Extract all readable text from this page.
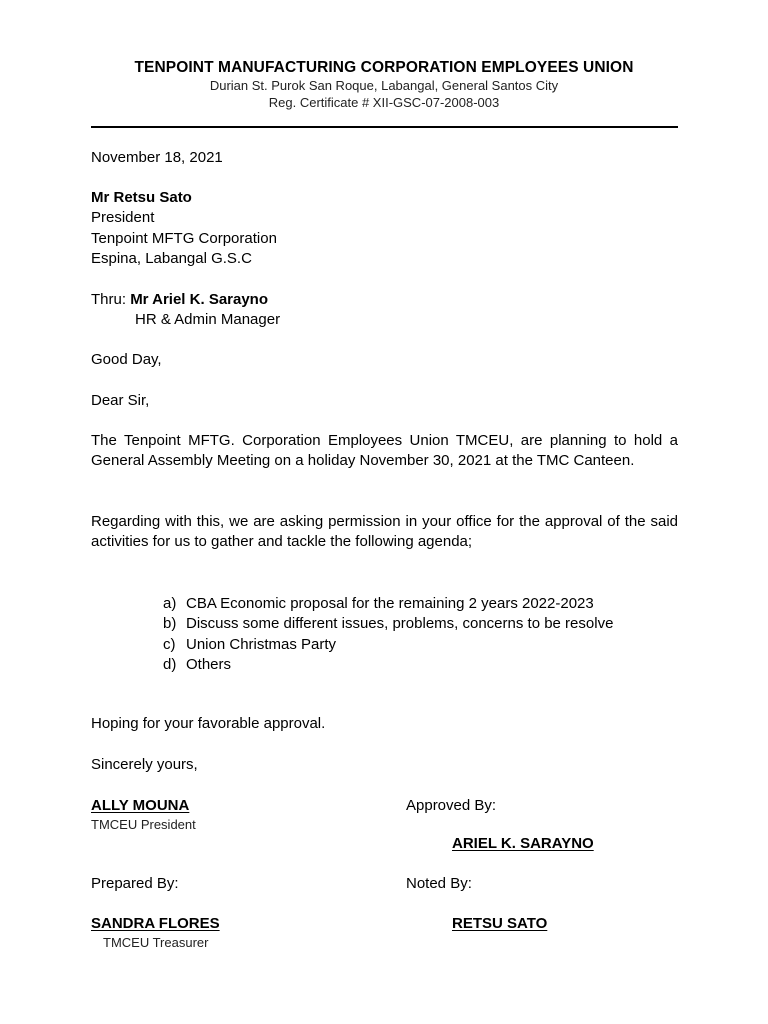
TENPOINT MANUFACTURING CORPORATION EMPLOYEES UNION
Durian St. Purok San Roque, Labangal, General Santos City
Reg. Certificate # XII-GSC-07-2008-003
November 18, 2021
Mr Retsu Sato
President
Tenpoint MFTG Corporation
Espina, Labangal G.S.C
Thru: Mr Ariel K. Sarayno
HR & Admin Manager
Good Day,
Dear Sir,
The Tenpoint MFTG. Corporation Employees Union TMCEU, are planning to hold a General Assembly Meeting on a holiday November 30, 2021 at the TMC Canteen.
Regarding with this, we are asking permission in your office for the approval of the said activities for us to gather and tackle the following agenda;
a) CBA Economic proposal for the remaining 2 years 2022-2023
b) Discuss some different issues, problems, concerns to be resolve
c) Union Christmas Party
d) Others
Hoping for your favorable approval.
Sincerely yours,
ALLY MOUNA
TMCEU President
Approved By:
ARIEL K. SARAYNO
Prepared By:	Noted By:
SANDRA FLORES
TMCEU Treasurer
RETSU SATO
